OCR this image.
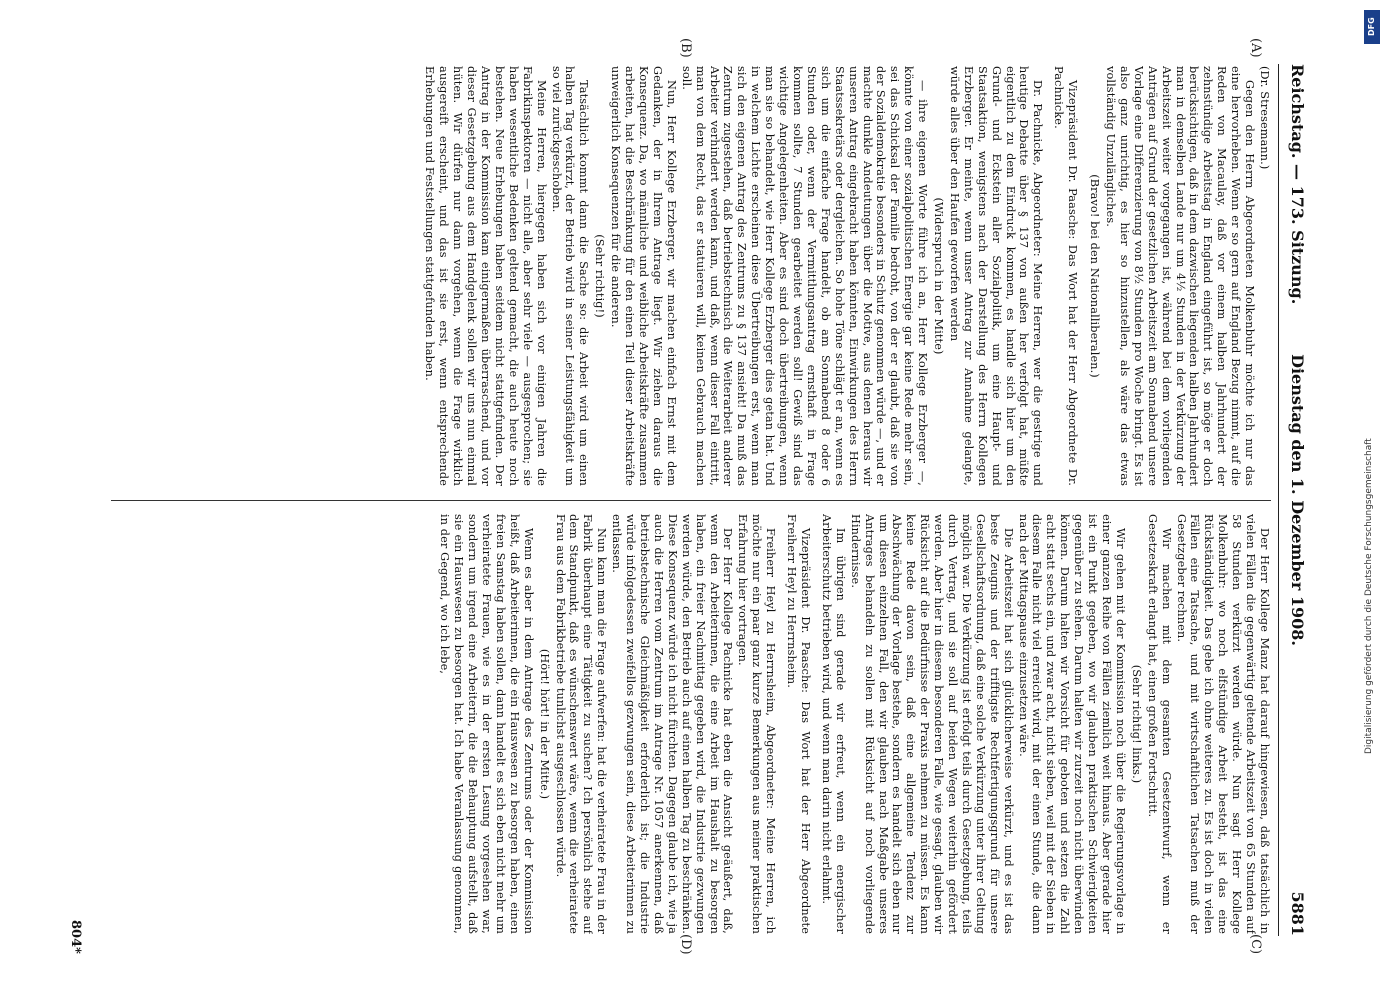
Reichstag. — 173. Sitzung.
Dienstag den 1. Dezember 1908.
5881
(A)
(B)
(C)
(D)

(Dr. Stresemann.)

Gegen den Herrn Abgeordneten Molkenbuhr möchte ich nur das eine hervorheben. Wenn er so gern auf England Bezug nimmt, auf die Reden von Macaulay, daß vor einem halben Jahrhundert der zehnstündige Arbeitstag in England eingeführt ist, so möge er doch berücksichtigen, daß in dem dazwischen liegenden halben Jahrhundert man in demselben Lande nur um 4½ Stunden in der Verkürzung der Arbeitszeit weiter vorgegangen ist, während bei dem vorliegenden Anträgen auf Grund der gesetzlichen Arbeitszeit am Sonnabend unsere Vorlage eine Differenzierung von 8½ Stunden pro Woche bringt. Es ist also ganz unrichtig, es hier so hinzustellen, als wäre das etwas vollständig Unzulängliches.

(Bravo! bei den Nationalliberalen.)

Vizepräsident Dr. Paasche: Das Wort hat der Herr Abgeordnete Dr. Pachnicke.

Dr. Pachnicke, Abgeordneter: Meine Herren, wer die gestrige und heutige Debatte über § 137 von außen her verfolgt hat, müßte eigentlich zu dem Eindruck kommen, es handle sich hier um den Grund- und Eckstein aller Sozialpolitik, um eine Haupt- und Staatsaktion, wenigstens nach der Darstellung des Herrn Kollegen Erzberger. Er meinte, wenn unser Antrag zur Annahme gelangte, würde alles über den Haufen geworfen werden

(Widerspruch in der Mitte)

— ihre eigenen Worte führe ich an, Herr Kollege Erzberger —, könnte von einer sozialpolitischen Energie gar keine Rede mehr sein, sei das Schicksal der Familie bedroht, von der er glaubt, daß sie von der Sozialdemokratie besonders in Schutz genommen würde —, und er machte dunkle Andeutungen über die Motive, aus denen heraus wir unseren Antrag eingebracht haben könnten, Einwirkungen des Herrn Staatssekretärs oder dergleichen. So hohe Töne schlägt er an, wenn es sich um die einfache Frage handelt, ob am Sonnabend 8 oder 6 Stunden oder, wenn der Vermittlungsantrag ernsthaft in Frage kommen sollte, 7 Stunden gearbeitet werden soll! Gewiß sind das wichtige Angelegenheiten. Aber es sind doch übertreibungen, wenn man sie so behandelt, wie Herr Kollege Erzberger dies getan hat. Und in welchem Lichte erscheinen diese Übertreibungen erst, wenn man sich den eigenen Antrag des Zentrums zu § 137 ansieht! Da muß das Zentrum zugestehen, daß betriebstechnisch die Weiterarbeit anderer Arbeiter verhindert werden kann, und daß, wenn dieser Fall eintritt, man von dem Recht, das er statuieren will, keinen Gebrauch machen soll.

Nun, Herr Kollege Erzberger, wir machen einfach Ernst mit dem Gedanken, der in Ihrem Antrage liegt. Wir ziehen daraus die Konsequenz. Da, wo männliche und weibliche Arbeitskräfte zusammen arbeiten, hat die Beschränkung für den einen Teil dieser Arbeitskräfte unweigerlich Konsequenzen für die anderen.

(Sehr richtig!)

Tatsächlich kommt dann die Sache so: die Arbeit wird um einen halben Tag verkürzt, der Betrieb wird in seiner Leistungsfähigkeit um so viel zurückgeschoben.

Meine Herren, hiergegen haben sich vor einigen Jahren die Fabrikinspektoren — nicht alle, aber sehr viele — ausgesprochen; sie haben wesentliche Bedenken geltend gemacht, die auch heute noch bestehen. Neue Erhebungen haben seitdem nicht stattgefunden. Der Antrag in der Kommission kam einigermaßen überraschend, und vor dieser Gesetzgebung aus dem Handgelenk sollen wir uns nun einmal hüten. Wir dürfen nur dann vorgehen, wenn die Frage wirklich ausgereift erscheint, und das ist sie erst, wenn entsprechende Erhebungen und Feststellungen stattgefunden haben.

Der Herr Kollege Manz hat darauf hingewiesen, daß tatsächlich in vielen Fällen die gegenwärtig geltende Arbeitszeit von 65 Stunden auf 58 Stunden verkürzt werden würde. Nun sagt Herr Kollege Molkenbuhr: wo noch elfstündige Arbeit besteht, ist das eine Rückständigkeit. Das gebe ich ohne weiteres zu. Es ist doch in vielen Fällen eine Tatsache, und mit wirtschaftlichen Tatsachen muß der Gesetzgeber rechnen.

Wir machen mit dem gesamten Gesetzentwurf, wenn er Gesetzeskraft erlangt hat, einen großen Fortschritt.

(Sehr richtig! links.)

Wir gehen mit der Kommission noch über die Regierungsvorlage in einer ganzen Reihe von Fällen ziemlich weit hinaus. Aber gerade hier ist ein Punkt gegeben, wo wir glauben praktischen Schwierigkeiten gegenüber zu stehen. Darum halten wir zurzeit noch nicht überwinden können. Darum halten wir Vorsicht für geboten und setzen die Zahl acht statt sechs ein, und zwar acht, nicht sieben, weil mit der Sieben in diesem Falle nicht viel erreicht wird, mit der einen Stunde, die dann nach der Mittagspause einzusetzen wäre.

Die Arbeitszeit hat sich glücklicherweise verkürzt, und es ist das beste Zeugnis und der trifftigste Rechtfertigungsgrund für unsere Gesellschaftsordnung, daß eine solche Verkürzung unter ihrer Geltung möglich war. Die Verkürzung ist erfolgt teils durch Gesetzgebung, teils durch Vertrag, und sie soll auf beiden Wegen weiterhin gefördert werden. Aber hier in diesem besonderen Falle, wie gesagt, glauben wir Rücksicht auf die Bedürfnisse der Praxis nehmen zu müssen. Es kann keine Rede davon sein, daß eine allgemeine Tendenz zur Abschwächung der Vorlage bestehe, sondern es handelt sich eben nur um diesen einzelnen Fall, den wir glauben nach Maßgabe unseres Antrages behandeln zu sollen mit Rücksicht auf noch vorliegende Hindernisse.

Im übrigen sind gerade wir erfreut, wenn ein energischer Arbeiterschutz betrieben wird, und wenn man darin nicht erlahmt.

Vizepräsident Dr. Paasche: Das Wort hat der Herr Abgeordnete Freiherr Heyl zu Herrnsheim.

Freiherr Heyl zu Herrnsheim, Abgeordneter: Meine Herren, ich möchte nur ein paar ganz kurze Bemerkungen aus meiner praktischen Erfahrung hier vortragen.

Der Herr Kollege Pachnicke hat eben die Ansicht geäußert, daß, wenn den Arbeiterinnen, die eine Arbeit im Haushalt zu besorgen haben, ein freier Nachmittag gegeben wird, die Industrie gezwungen werden würde, den Betrieb auch auf einen halben Tag zu beschränken. Diese Konsequenz würde ich nicht fürchten. Dagegen glaube ich, wie ja auch die Herren vom Zentrum im Antrage Nr. 1057 anerkennen, daß betriebstechnische Gleichmäßigkeit erforderlich ist; die Industrie würde infolgedessen zweifellos gezwungen sein, diese Arbeiterinnen zu entlassen.

Nun kann man die Frage aufwerfen: hat die verheiratete Frau in der Fabrik überhaupt eine Tätigkeit zu suchen? Ich persönlich stehe auf dem Standpunkt, daß es wünschenswert wäre, wenn die verheiratete Frau aus dem Fabrikbetriebe tunlichst ausgeschlossen würde.

(Hört! hört! in der Mitte.)

Wenn es aber in dem Antrage des Zentrums oder der Kommission heißt, daß Arbeiterinnen, die ein Hauswesen zu besorgen haben, einen freien Samstag haben sollen, dann handelt es sich eben nicht mehr um verheiratete Frauen, wie es in der ersten Lesung vorgesehen war, sondern um irgend eine Arbeiterin, die die Behauptung aufstellt, daß sie ein Hauswesen zu besorgen hat. Ich habe Veranlassung genommen, in der Gegend, wo ich lebe,

804*
DFG
Digitalisierung gefördert durch die Deutsche Forschungsgemeinschaft
